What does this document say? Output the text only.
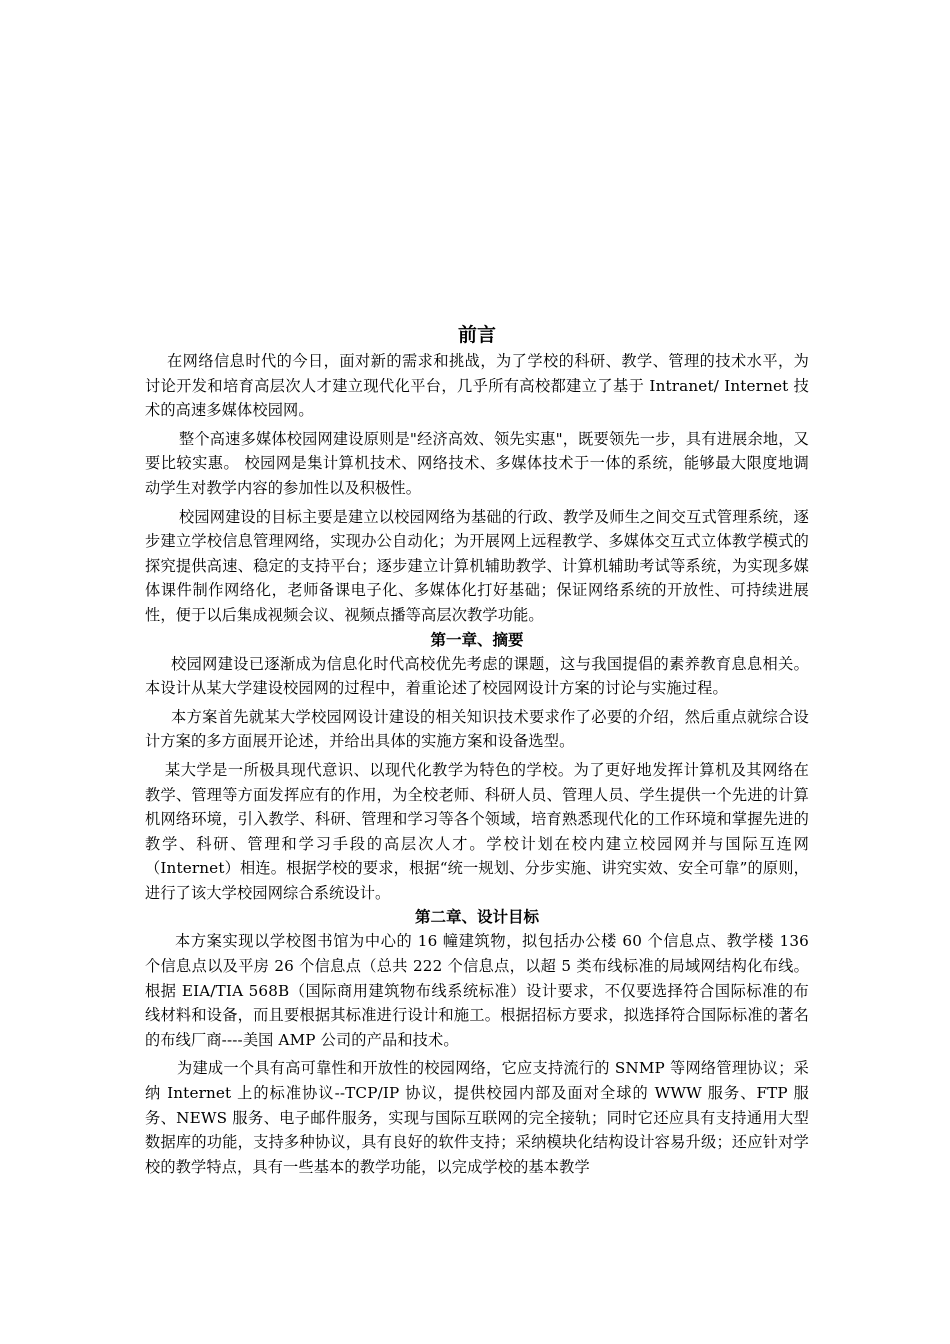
前言

在网络信息时代的今日，面对新的需求和挑战，为了学校的科研、教学、管理的技术水平，为讨论开发和培育高层次人才建立现代化平台，几乎所有高校都建立了基于 Intranet/ Internet 技术的高速多媒体校园网。

整个高速多媒体校园网建设原则是"经济高效、领先实惠"，既要领先一步，具有进展余地，又要比较实惠。 校园网是集计算机技术、网络技术、多媒体技术于一体的系统，能够最大限度地调动学生对教学内容的参加性以及积极性。

校园网建设的目标主要是建立以校园网络为基础的行政、教学及师生之间交互式管理系统，逐步建立学校信息管理网络，实现办公自动化；为开展网上远程教学、多媒体交互式立体教学模式的探究提供高速、稳定的支持平台；逐步建立计算机辅助教学、计算机辅助考试等系统，为实现多媒体课件制作网络化，老师备课电子化、多媒体化打好基础；保证网络系统的开放性、可持续进展性，便于以后集成视频会议、视频点播等高层次教学功能。

第一章、摘要

校园网建设已逐渐成为信息化时代高校优先考虑的课题，这与我国提倡的素养教育息息相关。本设计从某大学建设校园网的过程中，着重论述了校园网设计方案的讨论与实施过程。

本方案首先就某大学校园网设计建设的相关知识技术要求作了必要的介绍，然后重点就综合设计方案的多方面展开论述，并给出具体的实施方案和设备选型。

某大学是一所极具现代意识、以现代化教学为特色的学校。为了更好地发挥计算机及其网络在教学、管理等方面发挥应有的作用，为全校老师、科研人员、管理人员、学生提供一个先进的计算机网络环境，引入教学、科研、管理和学习等各个领域，培育熟悉现代化的工作环境和掌握先进的教学、科研、管理和学习手段的高层次人才。学校计划在校内建立校园网并与国际互连网（Internet）相连。根据学校的要求，根据“统一规划、分步实施、讲究实效、安全可靠”的原则，进行了该大学校园网综合系统设计。

第二章、设计目标

本方案实现以学校图书馆为中心的 16 幢建筑物，拟包括办公楼 60 个信息点、教学楼 136 个信息点以及平房 26 个信息点（总共 222 个信息点，以超 5 类布线标准的局域网结构化布线。根据 EIA/TIA 568B（国际商用建筑物布线系统标准）设计要求，不仅要选择符合国际标准的布线材料和设备，而且要根据其标准进行设计和施工。根据招标方要求，拟选择符合国际标准的著名的布线厂商----美国 AMP 公司的产品和技术。

为建成一个具有高可靠性和开放性的校园网络，它应支持流行的 SNMP 等网络管理协议；采纳 Internet 上的标准协议--TCP/IP 协议，提供校园内部及面对全球的 WWW 服务、FTP 服务、NEWS 服务、电子邮件服务，实现与国际互联网的完全接轨；同时它还应具有支持通用大型数据库的功能，支持多种协议，具有良好的软件支持；采纳模块化结构设计容易升级；还应针对学校的教学特点，具有一些基本的教学功能，以完成学校的基本教学
